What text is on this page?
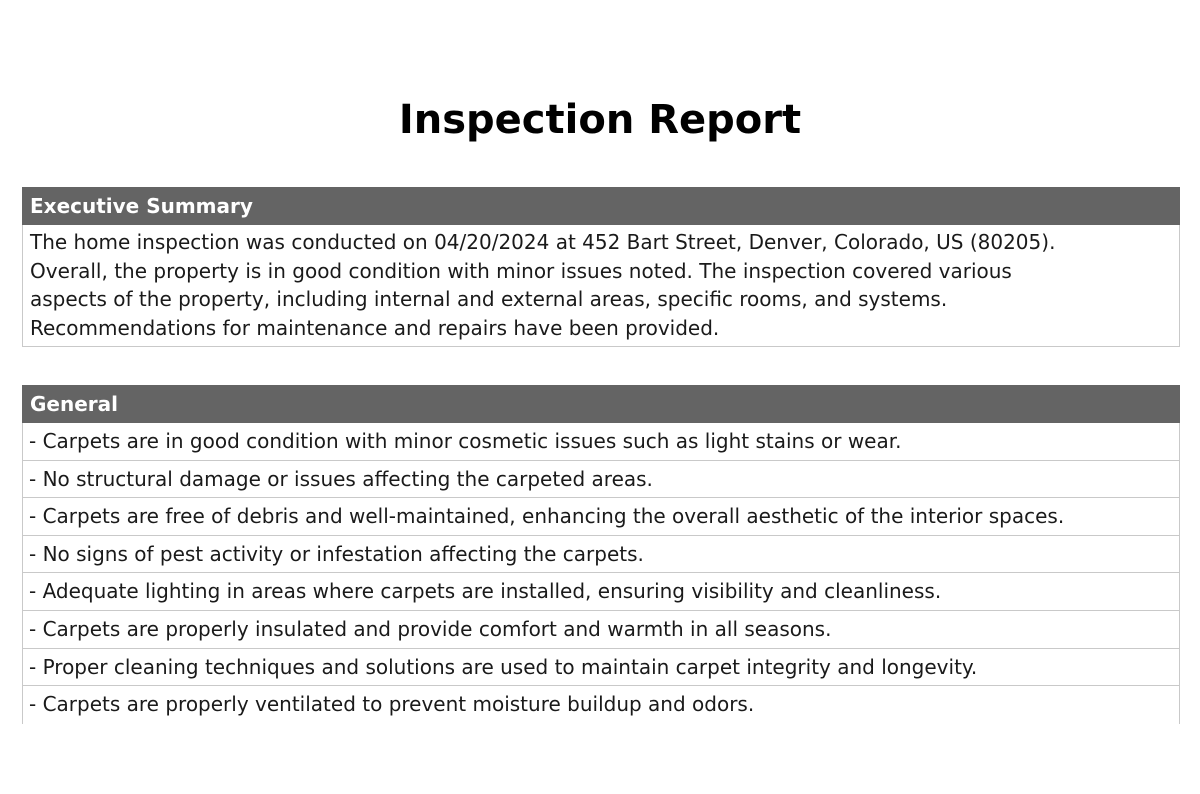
Inspection Report
Executive Summary
The home inspection was conducted on 04/20/2024 at 452 Bart Street, Denver, Colorado, US (80205).
Overall, the property is in good condition with minor issues noted. The inspection covered various
aspects of the property, including internal and external areas, specific rooms, and systems.
Recommendations for maintenance and repairs have been provided.
General
- Carpets are in good condition with minor cosmetic issues such as light stains or wear.
- No structural damage or issues affecting the carpeted areas.
- Carpets are free of debris and well-maintained, enhancing the overall aesthetic of the interior spaces.
- No signs of pest activity or infestation affecting the carpets.
- Adequate lighting in areas where carpets are installed, ensuring visibility and cleanliness.
- Carpets are properly insulated and provide comfort and warmth in all seasons.
- Proper cleaning techniques and solutions are used to maintain carpet integrity and longevity.
- Carpets are properly ventilated to prevent moisture buildup and odors.
